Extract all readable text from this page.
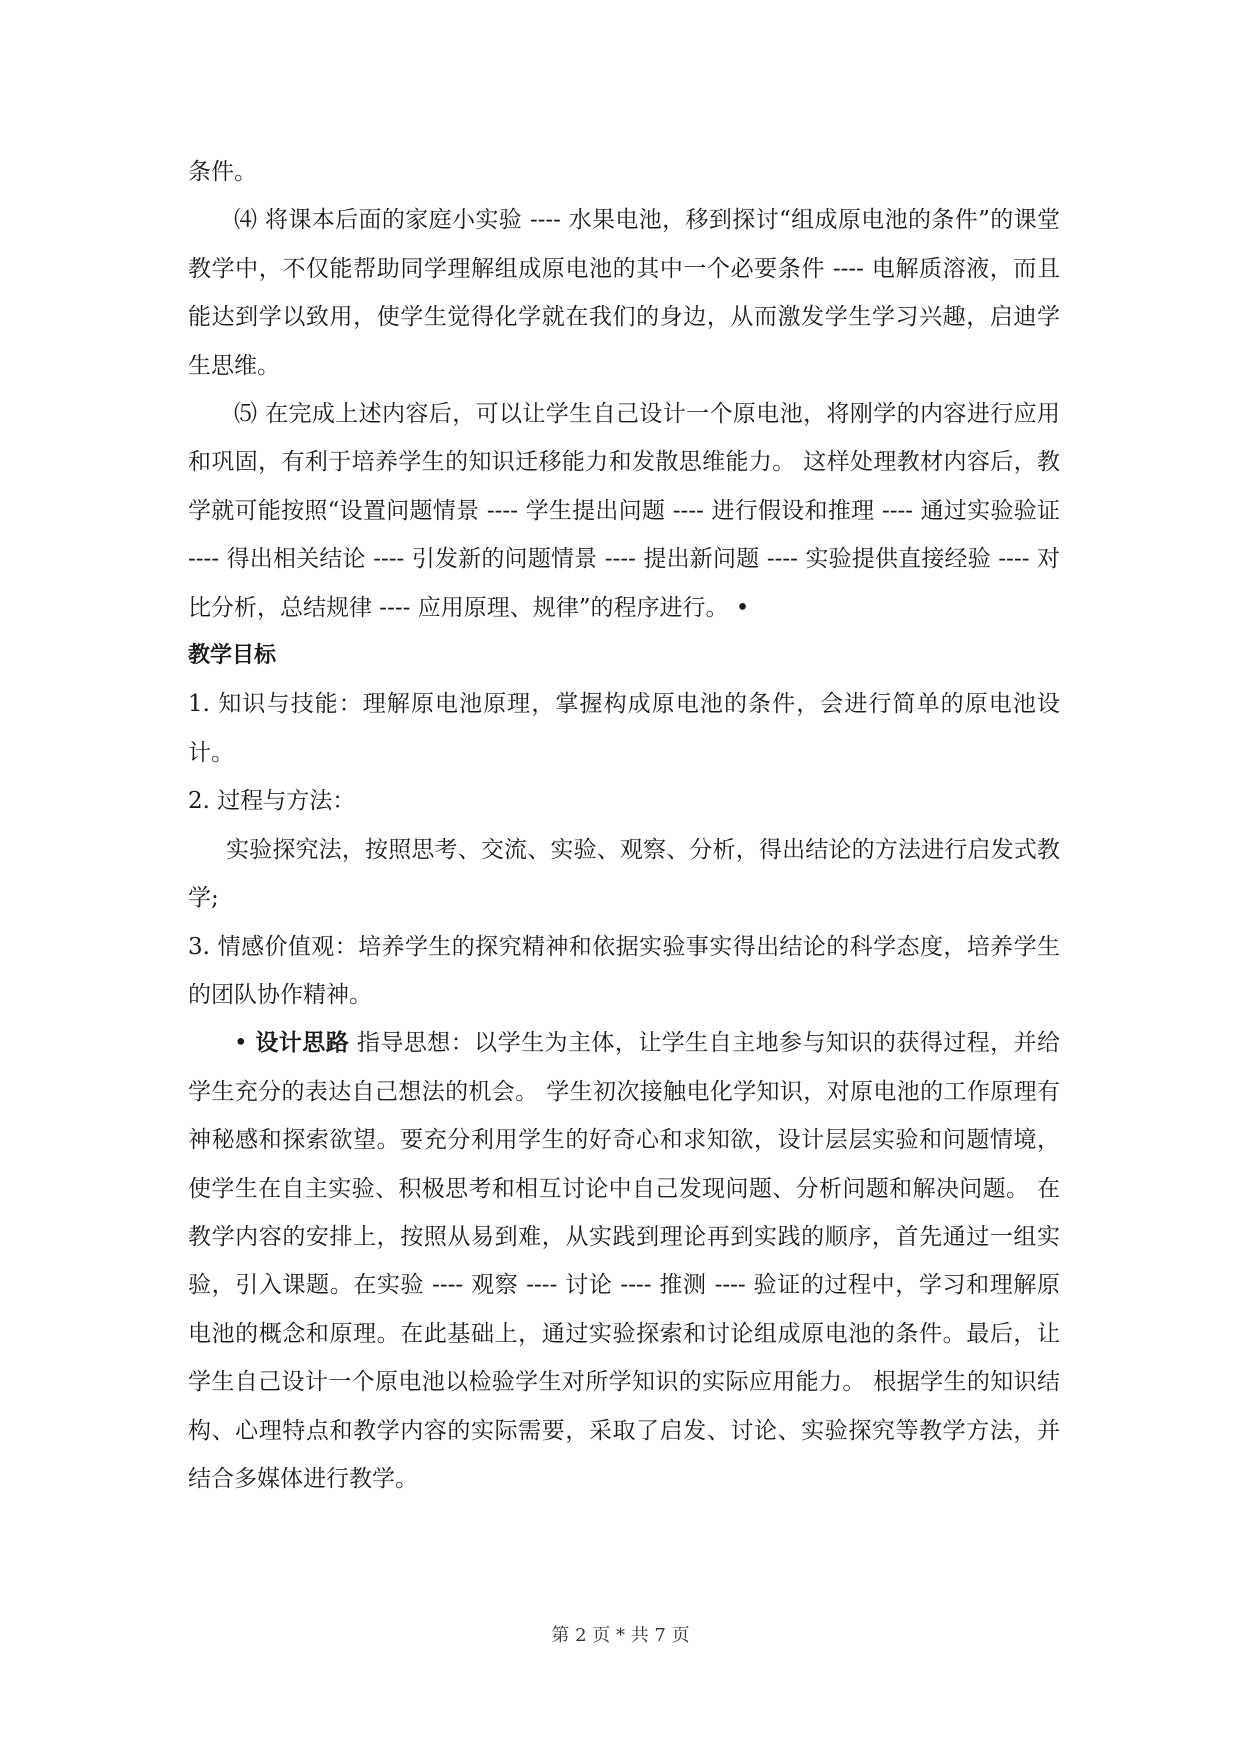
条件。

⑷ 将课本后面的家庭小实验 ---- 水果电池，移到探讨“组成原电池的条件”的课堂教学中，不仅能帮助同学理解组成原电池的其中一个必要条件 ---- 电解质溶液，而且能达到学以致用，使学生觉得化学就在我们的身边，从而激发学生学习兴趣，启迪学生思维。

⑸ 在完成上述内容后，可以让学生自己设计一个原电池，将刚学的内容进行应用和巩固，有利于培养学生的知识迁移能力和发散思维能力。 这样处理教材内容后，教学就可能按照“设置问题情景 ---- 学生提出问题 ---- 进行假设和推理 ---- 通过实验验证 ---- 得出相关结论 ---- 引发新的问题情景 ---- 提出新问题 ---- 实验提供直接经验 ---- 对比分析，总结规律 ---- 应用原理、规律”的程序进行。 •

教学目标

1. 知识与技能：理解原电池原理，掌握构成原电池的条件，会进行简单的原电池设计。

2. 过程与方法：

实验探究法，按照思考、交流、实验、观察、分析，得出结论的方法进行启发式教学;

3. 情感价值观：培养学生的探究精神和依据实验事实得出结论的科学态度，培养学生的团队协作精神。

• 设计思路 指导思想：以学生为主体，让学生自主地参与知识的获得过程，并给学生充分的表达自己想法的机会。 学生初次接触电化学知识，对原电池的工作原理有神秘感和探索欲望。要充分利用学生的好奇心和求知欲，设计层层实验和问题情境，使学生在自主实验、积极思考和相互讨论中自己发现问题、分析问题和解决问题。 在教学内容的安排上，按照从易到难，从实践到理论再到实践的顺序，首先通过一组实验，引入课题。在实验 ---- 观察 ---- 讨论 ---- 推测 ---- 验证的过程中，学习和理解原电池的概念和原理。在此基础上，通过实验探索和讨论组成原电池的条件。最后，让学生自己设计一个原电池以检验学生对所学知识的实际应用能力。 根据学生的知识结构、心理特点和教学内容的实际需要，采取了启发、讨论、实验探究等教学方法，并结合多媒体进行教学。

第 2 页 * 共 7 页
